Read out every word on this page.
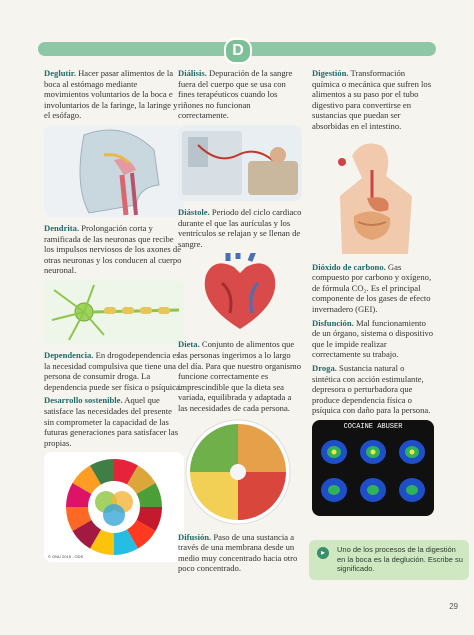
D

Deglutir. Hacer pasar alimentos de la boca al estómago mediante movimientos voluntarios de la boca e involuntarios de la faringe, la laringe y el esófago.

Dendrita. Prolongación corta y ramificada de las neuronas que recibe los impulsos nerviosos de los axones de otras neuronas y los conducen al cuerpo neuronal.

Dependencia. En drogodependencia es la necesidad compulsiva que tiene una persona de consumir droga. La dependencia puede ser física o psíquica.

Desarrollo sostenible. Aquel que satisface las necesidades del presente sin comprometer la capacidad de las futuras generaciones para satisfacer las propias.

© ONU 2015 - ODS

Diálisis. Depuración de la sangre fuera del cuerpo que se usa con fines terapéuticos cuando los riñones no funcionan correctamente.

Diástole. Periodo del ciclo cardiaco durante el que las aurículas y los ventrículos se relajan y se llenan de sangre.

Dieta. Conjunto de alimentos que las personas ingerimos a lo largo del día. Para que nuestro organismo funcione correctamente es imprescindible que la dieta sea variada, equilibrada y adaptada a las necesidades de cada persona.

Difusión. Paso de una sustancia a través de una membrana desde un medio muy concentrado hacia otro poco concentrado.

Digestión. Transformación química o mecánica que sufren los alimentos a su paso por el tubo digestivo para convertirse en sustancias que puedan ser absorbidas en el intestino.

Dióxido de carbono. Gas compuesto por carbono y oxígeno, de fórmula CO₂. Es el principal componente de los gases de efecto invernadero (GEI).

Disfunción. Mal funcionamiento de un órgano, sistema o dispositivo que le impide realizar correctamente su trabajo.

Droga. Sustancia natural o sintética con acción estimulante, depresora o perturbadora que produce dependencia física o psíquica con daño para la persona.

COCAINE ABUSER
▸	Uno de los procesos de la digestión en la boca es la deglución. Escribe su significado.
29
